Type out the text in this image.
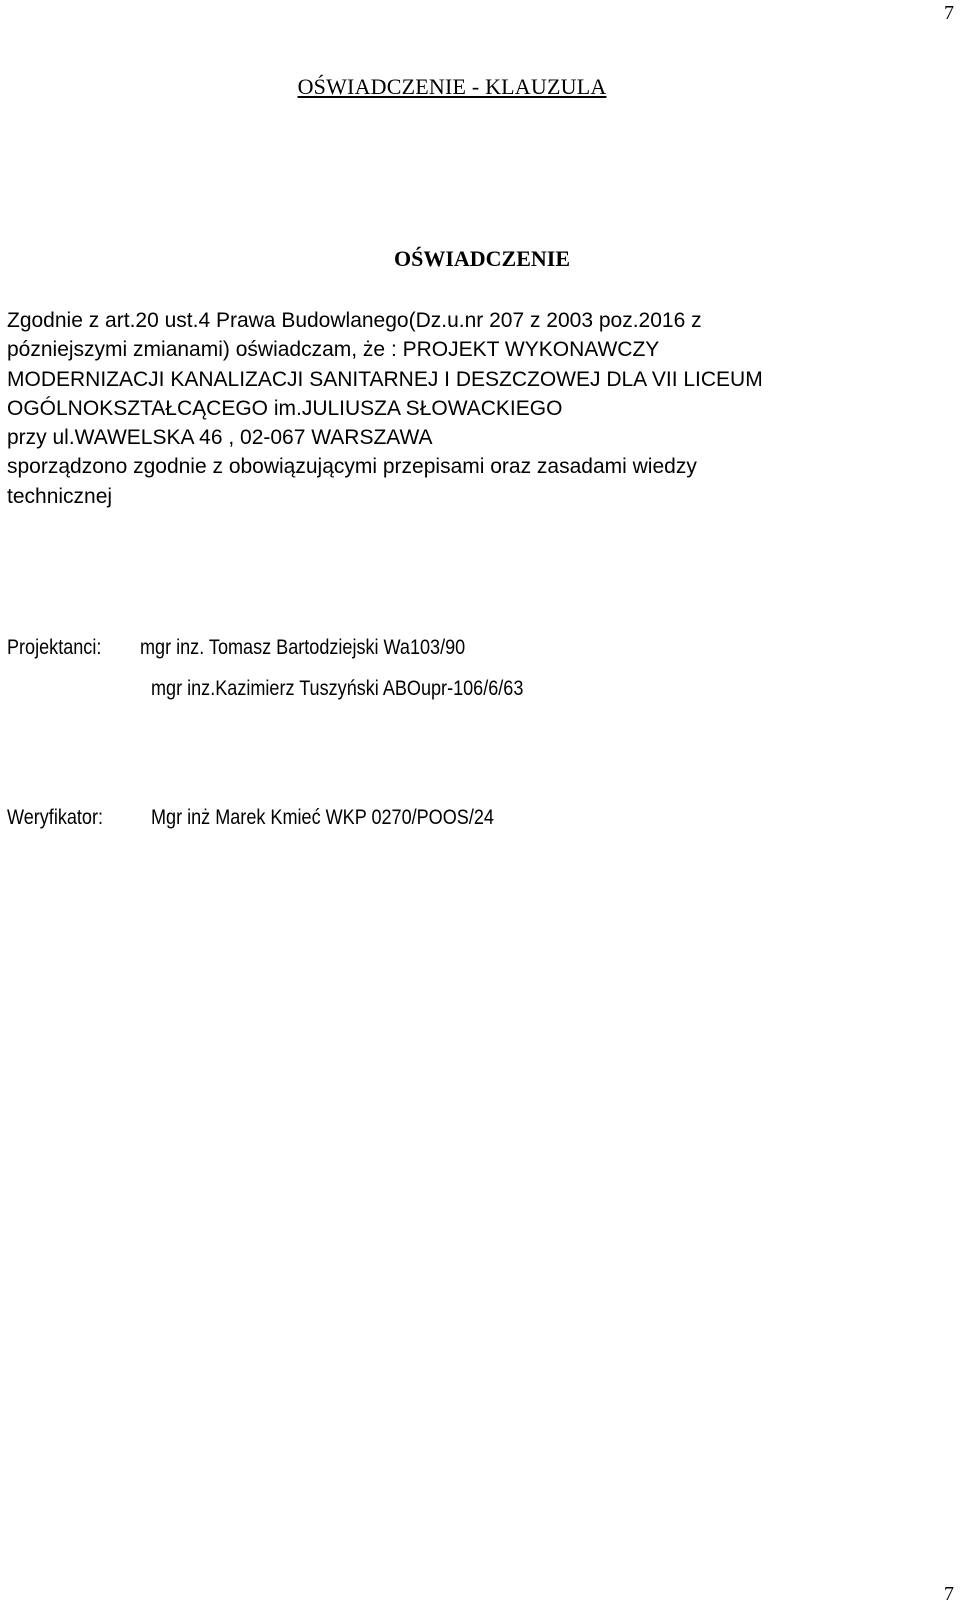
7
OŚWIADCZENIE - KLAUZULA
OŚWIADCZENIE
Zgodnie z art.20 ust.4 Prawa Budowlanego(Dz.u.nr 207 z 2003 poz.2016 z
pózniejszymi zmianami) oświadczam, że : PROJEKT WYKONAWCZY
MODERNIZACJI KANALIZACJI SANITARNEJ I DESZCZOWEJ DLA VII LICEUM
OGÓLNOKSZTAŁCĄCEGO im.JULIUSZA SŁOWACKIEGO
przy ul.WAWELSKA 46 , 02-067 WARSZAWA
sporządzono zgodnie z obowiązującymi przepisami oraz zasadami wiedzy
technicznej
Projektanci:	mgr inz. Tomasz Bartodziejski Wa103/90
mgr inz.Kazimierz Tuszyński ABOupr-106/6/63
Weryfikator:	Mgr inż Marek Kmieć WKP 0270/POOS/24
7
